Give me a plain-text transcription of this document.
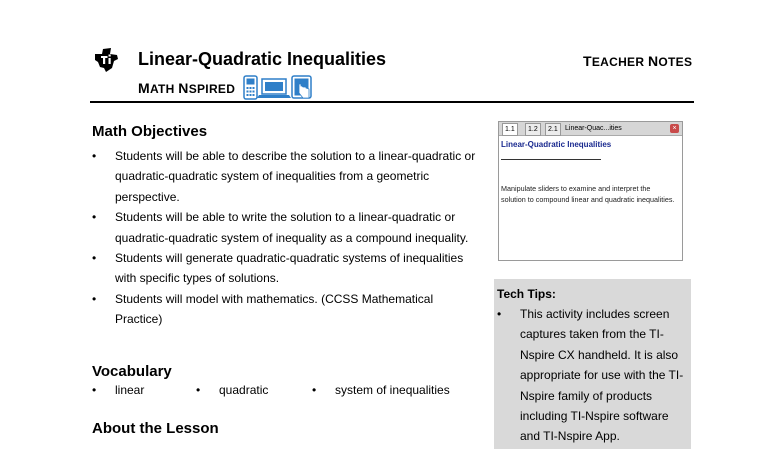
Linear-Quadratic Inequalities
MATH NSPIRED
TEACHER NOTES
Math Objectives
• Students will be able to describe the solution to a linear-quadratic or quadratic-quadratic system of inequalities from a geometric perspective.
• Students will be able to write the solution to a linear-quadratic or quadratic-quadratic system of inequality as a compound inequality.
• Students will generate quadratic-quadratic systems of inequalities with specific types of solutions.
• Students will model with mathematics. (CCSS Mathematical Practice)
Vocabulary
• linear	• quadratic	• system of inequalities
About the Lesson
1.1	1.2	2.1	Linear-Quac...ities	×
Linear-Quadratic Inequalities
Manipulate sliders to examine and interpret the solution to compound linear and quadratic inequalities.
Tech Tips:
• This activity includes screen captures taken from the TI-Nspire CX handheld. It is also appropriate for use with the TI-Nspire family of products including TI-Nspire software and TI-Nspire App.
